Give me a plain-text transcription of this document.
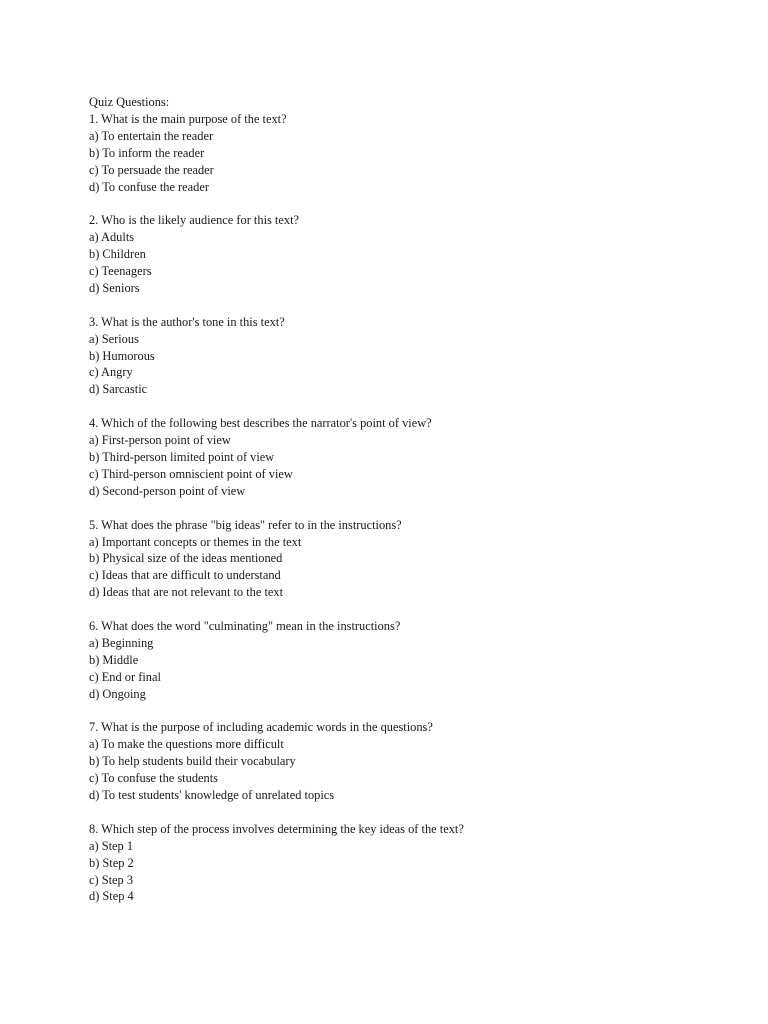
Quiz Questions:

1. What is the main purpose of the text?

a) To entertain the reader
b) To inform the reader
c) To persuade the reader
d) To confuse the reader

2. Who is the likely audience for this text?

a) Adults
b) Children
c) Teenagers
d) Seniors

3. What is the author's tone in this text?

a) Serious
b) Humorous
c) Angry
d) Sarcastic

4. Which of the following best describes the narrator's point of view?

a) First-person point of view
b) Third-person limited point of view
c) Third-person omniscient point of view
d) Second-person point of view

5. What does the phrase "big ideas" refer to in the instructions?

a) Important concepts or themes in the text
b) Physical size of the ideas mentioned
c) Ideas that are difficult to understand
d) Ideas that are not relevant to the text

6. What does the word "culminating" mean in the instructions?

a) Beginning
b) Middle
c) End or final
d) Ongoing

7. What is the purpose of including academic words in the questions?

a) To make the questions more difficult
b) To help students build their vocabulary
c) To confuse the students
d) To test students' knowledge of unrelated topics

8. Which step of the process involves determining the key ideas of the text?

a) Step 1
b) Step 2
c) Step 3
d) Step 4
